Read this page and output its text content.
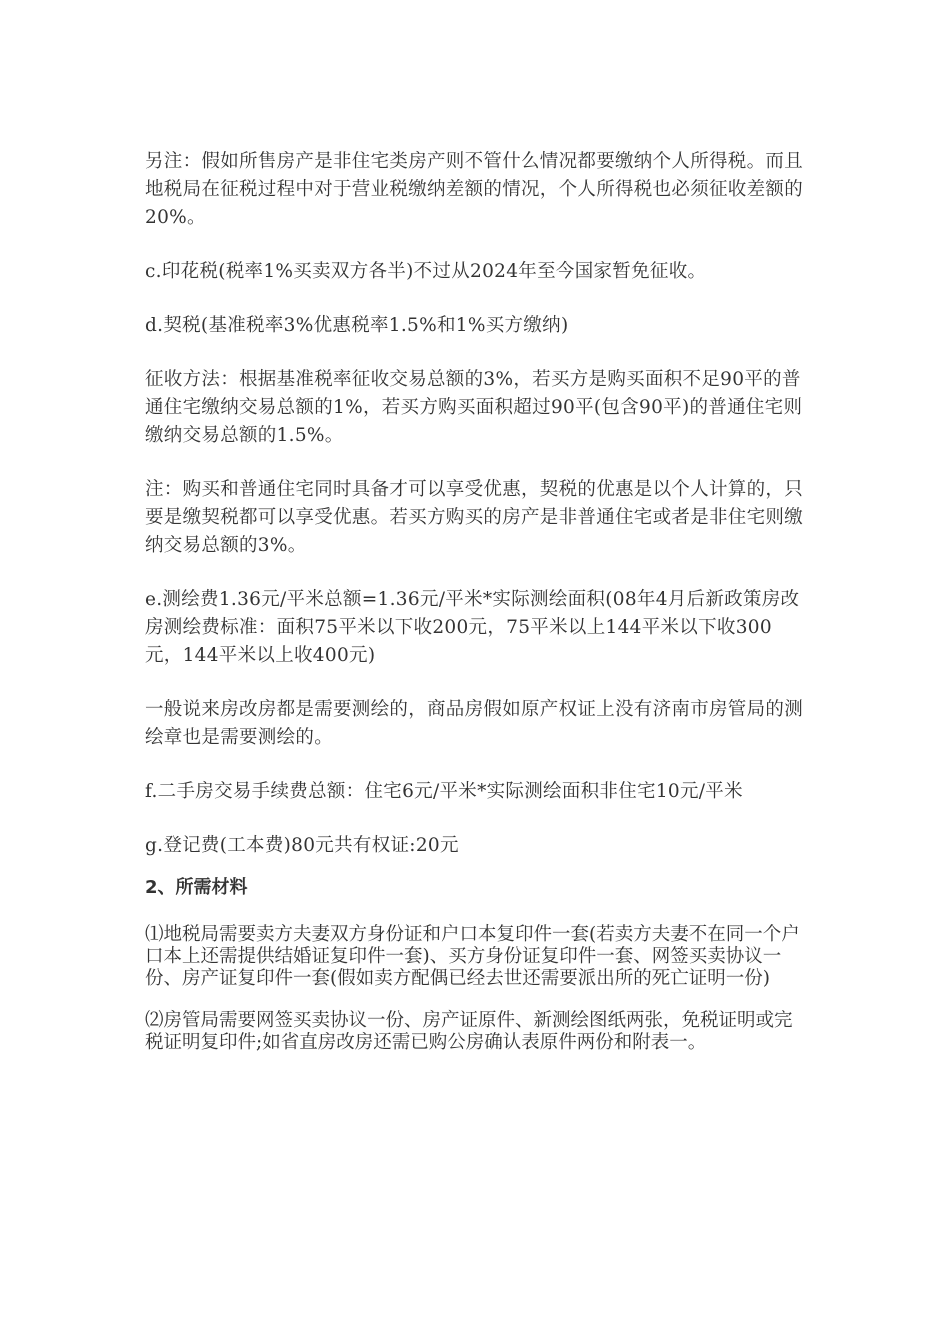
另注：假如所售房产是非住宅类房产则不管什么情况都要缴纳个人所得税。而且地税局在征税过程中对于营业税缴纳差额的情况，个人所得税也必须征收差额的20%。

c.印花税(税率1%买卖双方各半)不过从2024年至今国家暂免征收。

d.契税(基准税率3%优惠税率1.5%和1%买方缴纳)

征收方法：根据基准税率征收交易总额的3%，若买方是购买面积不足90平的普通住宅缴纳交易总额的1%，若买方购买面积超过90平(包含90平)的普通住宅则缴纳交易总额的1.5%。

注：购买和普通住宅同时具备才可以享受优惠，契税的优惠是以个人计算的，只要是缴契税都可以享受优惠。若买方购买的房产是非普通住宅或者是非住宅则缴纳交易总额的3%。

e.测绘费1.36元/平米总额=1.36元/平米*实际测绘面积(08年4月后新政策房改房测绘费标准：面积75平米以下收200元，75平米以上144平米以下收300元，144平米以上收400元)

一般说来房改房都是需要测绘的，商品房假如原产权证上没有济南市房管局的测绘章也是需要测绘的。

f.二手房交易手续费总额：住宅6元/平米*实际测绘面积非住宅10元/平米

g.登记费(工本费)80元共有权证:20元

2、所需材料
⑴地税局需要卖方夫妻双方身份证和户口本复印件一套(若卖方夫妻不在同一个户口本上还需提供结婚证复印件一套)、买方身份证复印件一套、网签买卖协议一份、房产证复印件一套(假如卖方配偶已经去世还需要派出所的死亡证明一份)
⑵房管局需要网签买卖协议一份、房产证原件、新测绘图纸两张，免税证明或完税证明复印件;如省直房改房还需已购公房确认表原件两份和附表一。
